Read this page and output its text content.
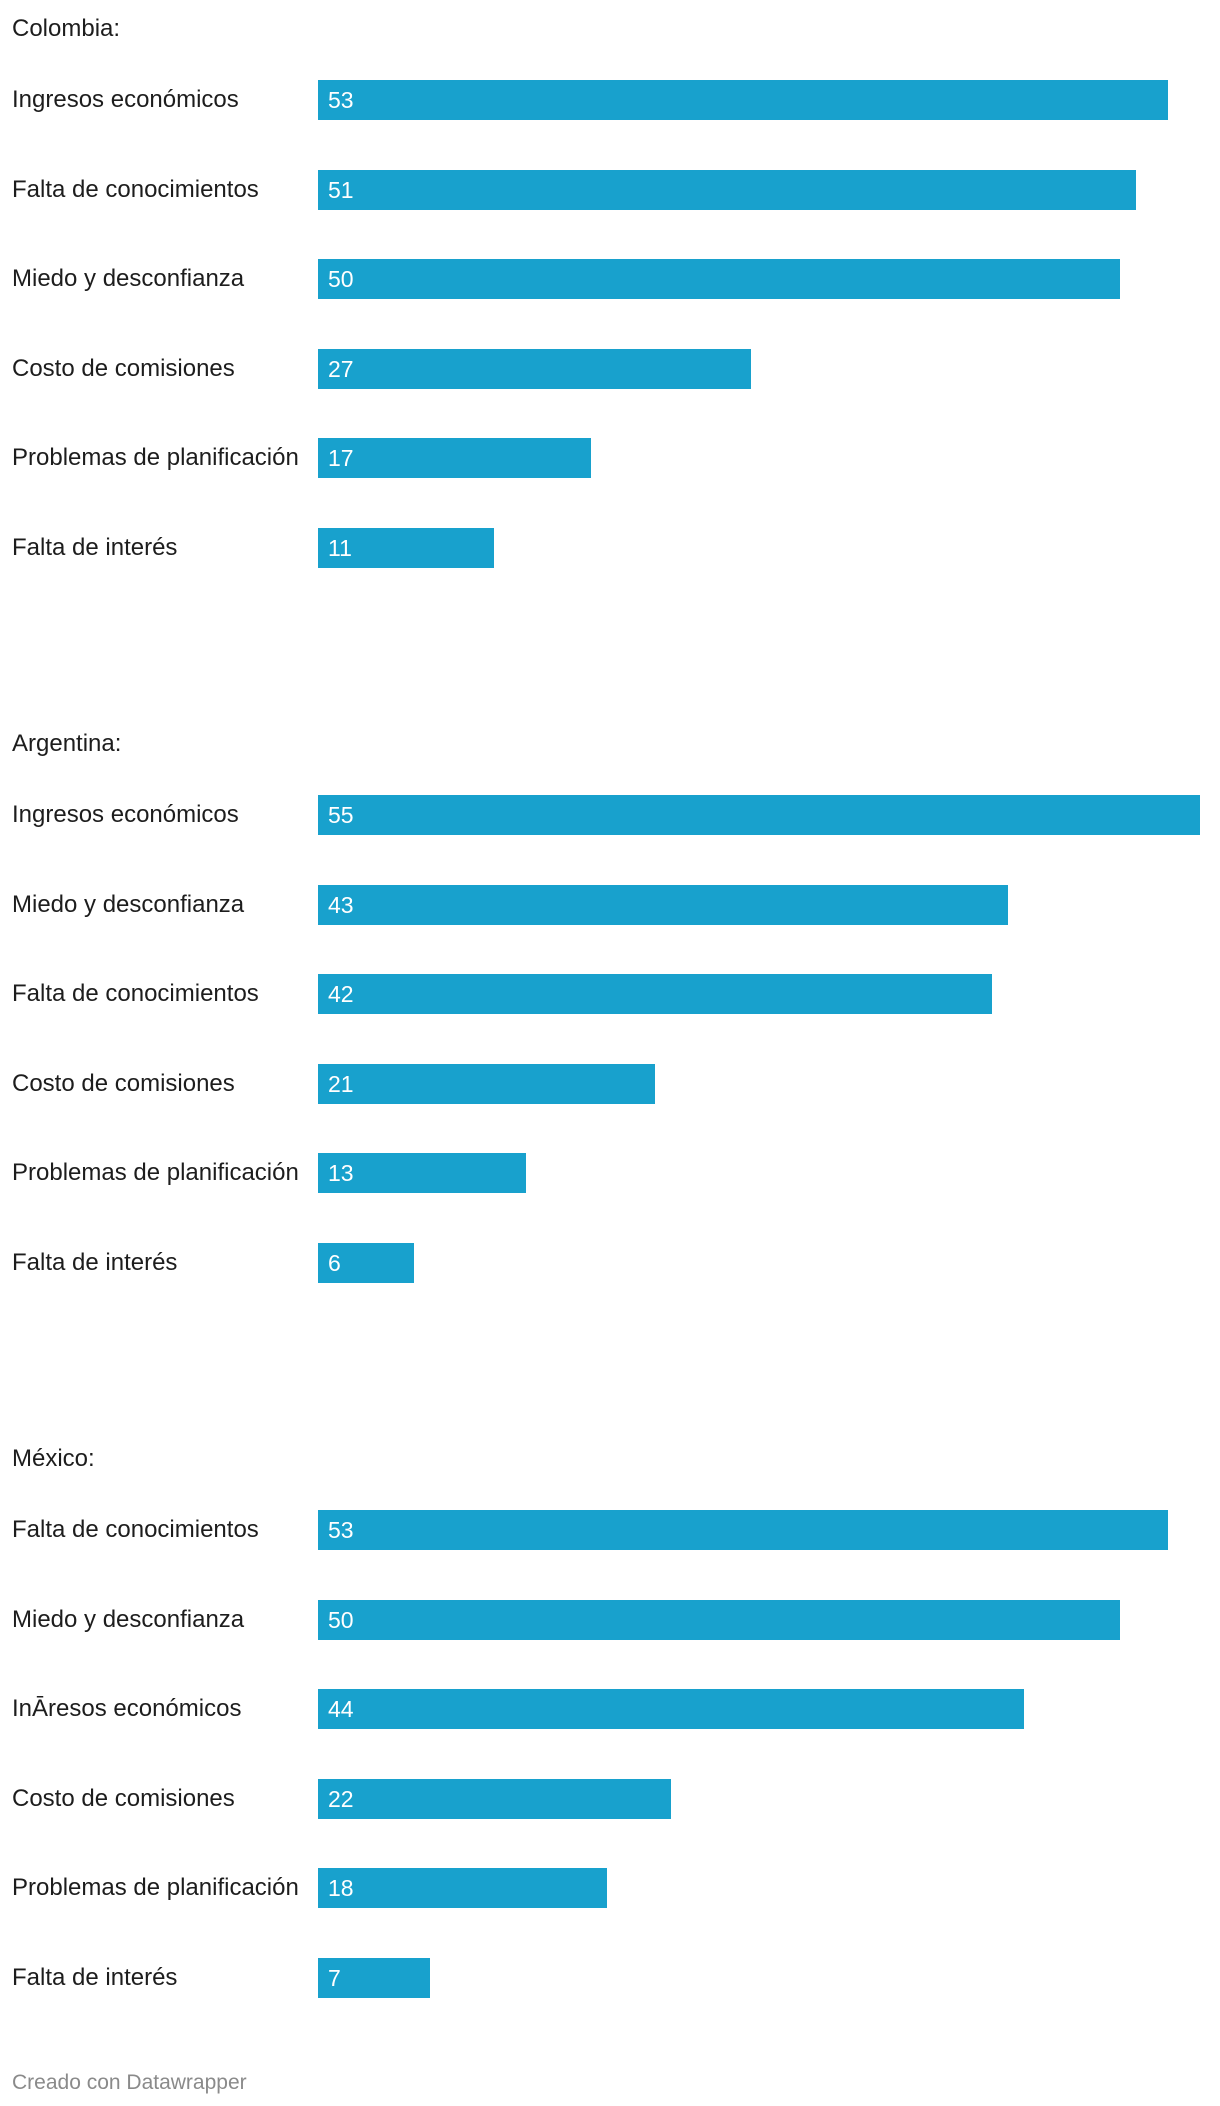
Colombia:
Ingresos económicos	53
Falta de conocimientos	51
Miedo y desconfianza	50
Costo de comisiones	27
Problemas de planificación 17
Falta de interés	11
Argentina:
Ingresos económicos	55
Miedo y desconfianza	43
Falta de conocimientos	42
Costo de comisiones	21
Problemas de planificación 13
Falta de interés	6
México:
Falta de conocimientos	53
Miedo y desconfianza	50
InĀresos económicos	44
Costo de comisiones	22
Problemas de planificación 18
Falta de interés	7
Creado con Datawrapper
